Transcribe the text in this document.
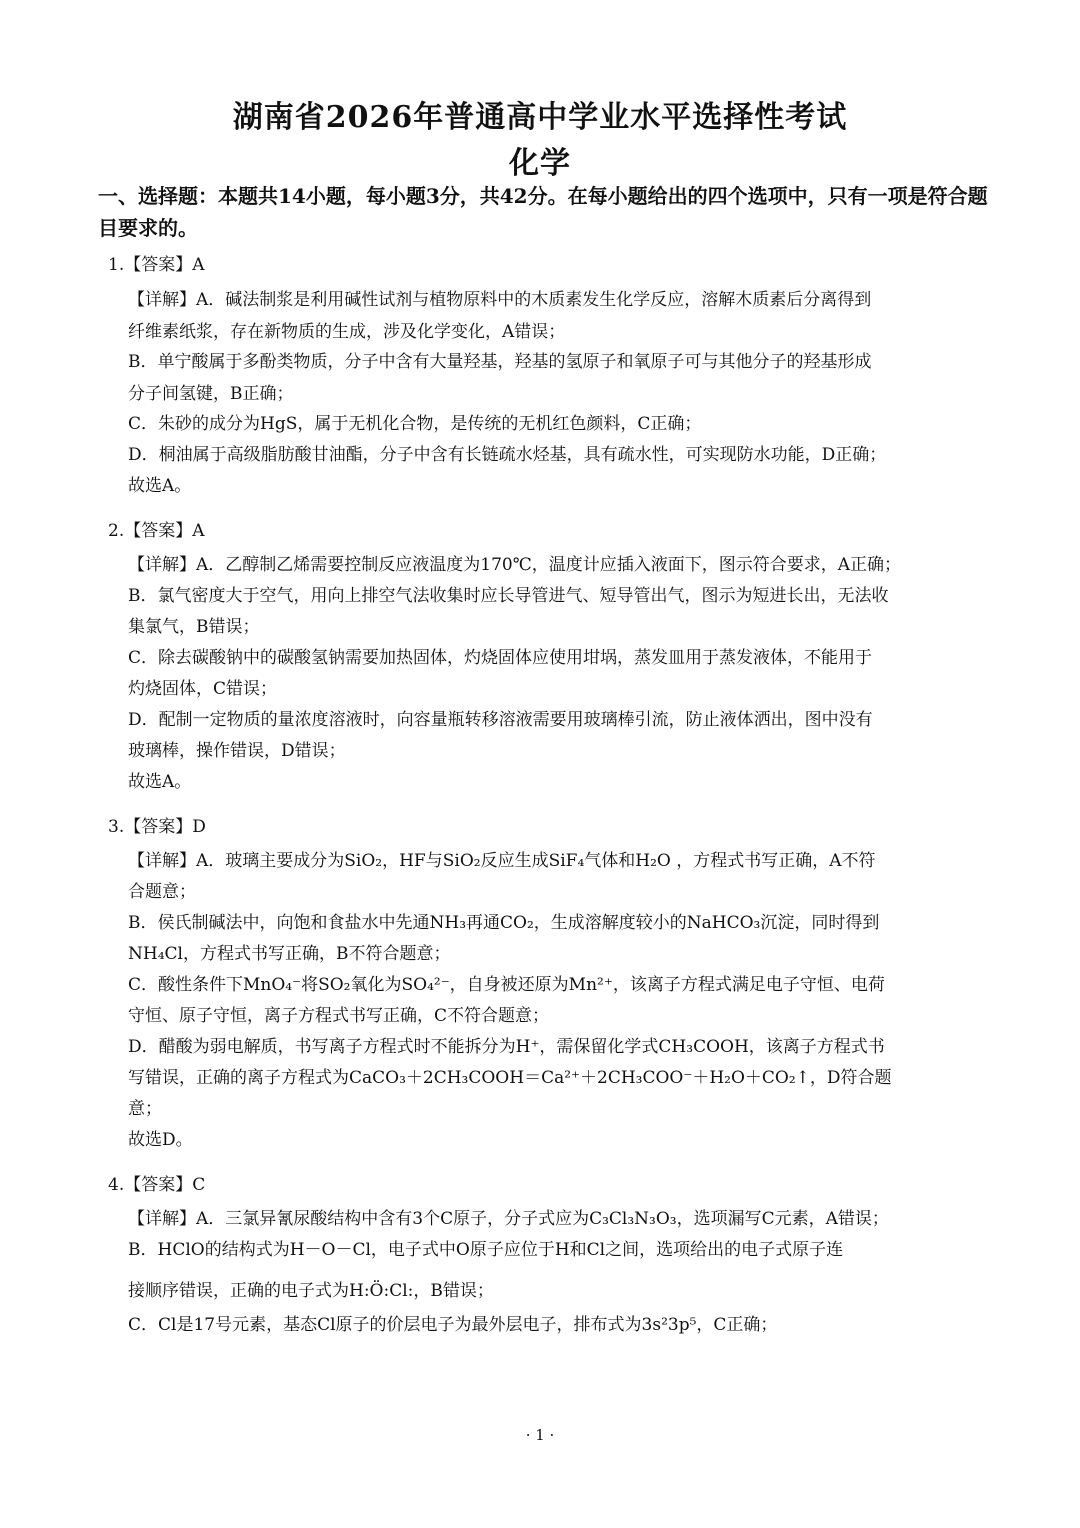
湖南省2026年普通高中学业水平选择性考试
化学
一、选择题：本题共14小题，每小题3分，共42分。在每小题给出的四个选项中，只有一项是符合题目要求的。
1.【答案】A
【详解】A．碱法制浆是利用碱性试剂与植物原料中的木质素发生化学反应，溶解木质素后分离得到
纤维素纸浆，存在新物质的生成，涉及化学变化，A错误；
B．单宁酸属于多酚类物质，分子中含有大量羟基，羟基的氢原子和氧原子可与其他分子的羟基形成
分子间氢键，B正确；
C．朱砂的成分为HgS，属于无机化合物，是传统的无机红色颜料，C正确；
D．桐油属于高级脂肪酸甘油酯，分子中含有长链疏水烃基，具有疏水性，可实现防水功能，D正确；
故选A。
2.【答案】A
【详解】A．乙醇制乙烯需要控制反应液温度为170℃，温度计应插入液面下，图示符合要求，A正确；
B．氯气密度大于空气，用向上排空气法收集时应长导管进气、短导管出气，图示为短进长出，无法收
集氯气，B错误；
C．除去碳酸钠中的碳酸氢钠需要加热固体，灼烧固体应使用坩埚，蒸发皿用于蒸发液体，不能用于
灼烧固体，C错误；
D．配制一定物质的量浓度溶液时，向容量瓶转移溶液需要用玻璃棒引流，防止液体洒出，图中没有
玻璃棒，操作错误，D错误；
故选A。
3.【答案】D
【详解】A．玻璃主要成分为SiO₂，HF与SiO₂反应生成SiF₄气体和H₂O ，方程式书写正确，A不符
合题意；
B．侯氏制碱法中，向饱和食盐水中先通NH₃再通CO₂，生成溶解度较小的NaHCO₃沉淀，同时得到
NH₄Cl，方程式书写正确，B不符合题意；
C．酸性条件下MnO₄⁻将SO₂氧化为SO₄²⁻，自身被还原为Mn²⁺，该离子方程式满足电子守恒、电荷
守恒、原子守恒，离子方程式书写正确，C不符合题意；
D．醋酸为弱电解质，书写离子方程式时不能拆分为H⁺，需保留化学式CH₃COOH，该离子方程式书
写错误，正确的离子方程式为CaCO₃＋2CH₃COOH＝Ca²⁺＋2CH₃COO⁻＋H₂O＋CO₂↑，D符合题
意；
故选D。
4.【答案】C
【详解】A．三氯异氰尿酸结构中含有3个C原子，分子式应为C₃Cl₃N₃O₃，选项漏写C元素，A错误；
B．HClO的结构式为H－O－Cl，电子式中O原子应位于H和Cl之间，选项给出的电子式原子连
接顺序错误，正确的电子式为H:Ö:Cl:，B错误；
C．Cl是17号元素，基态Cl原子的价层电子为最外层电子，排布式为3s²3p⁵，C正确；
· 1 ·
